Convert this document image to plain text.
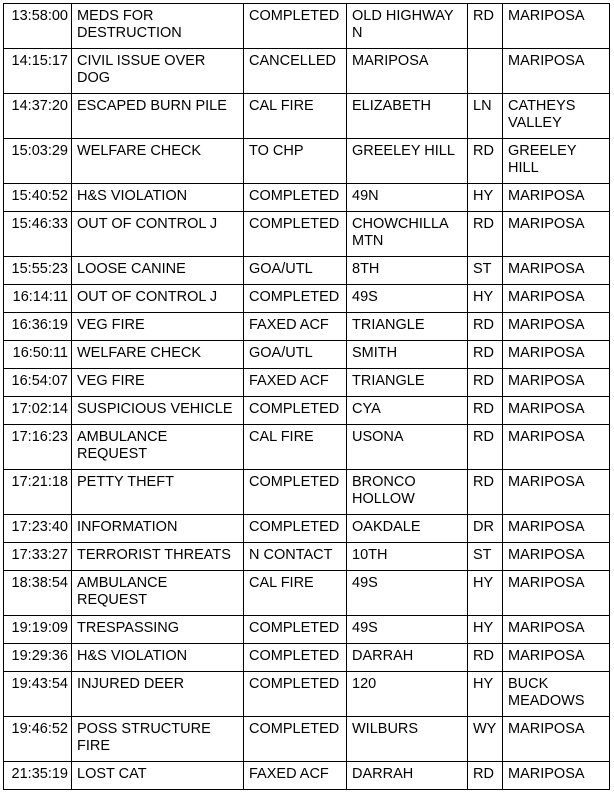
13:58:00	MEDS FOR DESTRUCTION	COMPLETED	OLD HIGHWAY N	RD	MARIPOSA
14:15:17	CIVIL ISSUE OVER DOG	CANCELLED	MARIPOSA		MARIPOSA
14:37:20	ESCAPED BURN PILE	CAL FIRE	ELIZABETH	LN	CATHEYS VALLEY
15:03:29	WELFARE CHECK	TO CHP	GREELEY HILL	RD	GREELEY HILL
15:40:52	H&S VIOLATION	COMPLETED	49N	HY	MARIPOSA
15:46:33	OUT OF CONTROL J	COMPLETED	CHOWCHILLA MTN	RD	MARIPOSA
15:55:23	LOOSE CANINE	GOA/UTL	8TH	ST	MARIPOSA
16:14:11	OUT OF CONTROL J	COMPLETED	49S	HY	MARIPOSA
16:36:19	VEG FIRE	FAXED ACF	TRIANGLE	RD	MARIPOSA
16:50:11	WELFARE CHECK	GOA/UTL	SMITH	RD	MARIPOSA
16:54:07	VEG FIRE	FAXED ACF	TRIANGLE	RD	MARIPOSA
17:02:14	SUSPICIOUS VEHICLE	COMPLETED	CYA	RD	MARIPOSA
17:16:23	AMBULANCE REQUEST	CAL FIRE	USONA	RD	MARIPOSA
17:21:18	PETTY THEFT	COMPLETED	BRONCO HOLLOW	RD	MARIPOSA
17:23:40	INFORMATION	COMPLETED	OAKDALE	DR	MARIPOSA
17:33:27	TERRORIST THREATS	N CONTACT	10TH	ST	MARIPOSA
18:38:54	AMBULANCE REQUEST	CAL FIRE	49S	HY	MARIPOSA
19:19:09	TRESPASSING	COMPLETED	49S	HY	MARIPOSA
19:29:36	H&S VIOLATION	COMPLETED	DARRAH	RD	MARIPOSA
19:43:54	INJURED DEER	COMPLETED	120	HY	BUCK MEADOWS
19:46:52	POSS STRUCTURE FIRE	COMPLETED	WILBURS	WY	MARIPOSA
21:35:19	LOST CAT	FAXED ACF	DARRAH	RD	MARIPOSA
